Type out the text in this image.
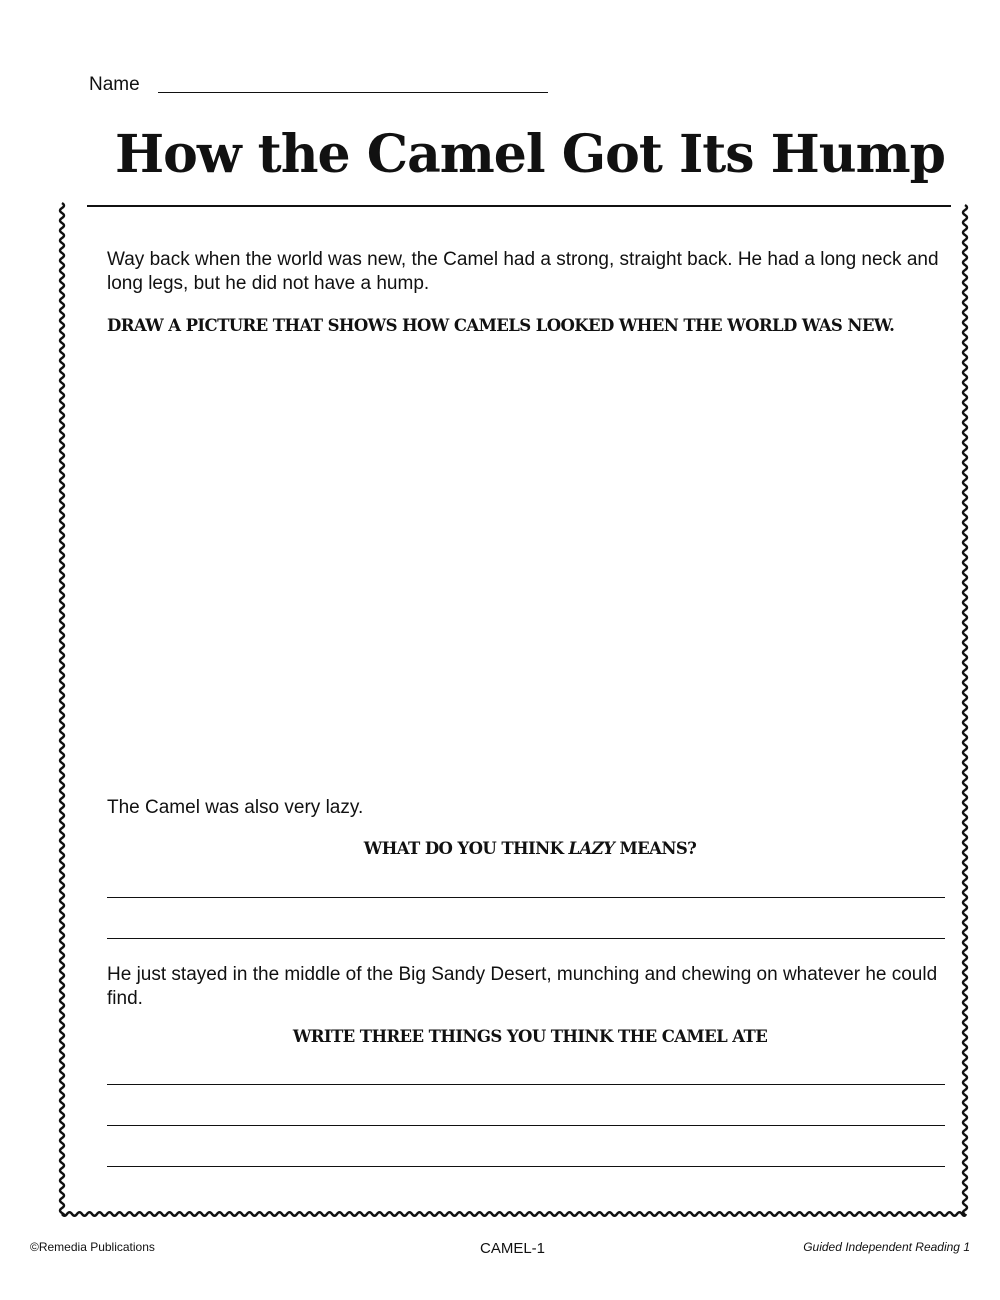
Name
How the Camel Got Its Hump
Way back when the world was new, the Camel had a strong, straight back. He had a long neck and long legs, but he did not have a hump.
DRAW A PICTURE THAT SHOWS HOW CAMELS LOOKED WHEN THE WORLD WAS NEW.
The Camel was also very lazy.
WHAT DO YOU THINK LAZY MEANS?
He just stayed in the middle of the Big Sandy Desert, munching and chewing on whatever he could find.
WRITE THREE THINGS YOU THINK THE CAMEL ATE
©Remedia Publications	CAMEL-1	Guided Independent Reading 1
